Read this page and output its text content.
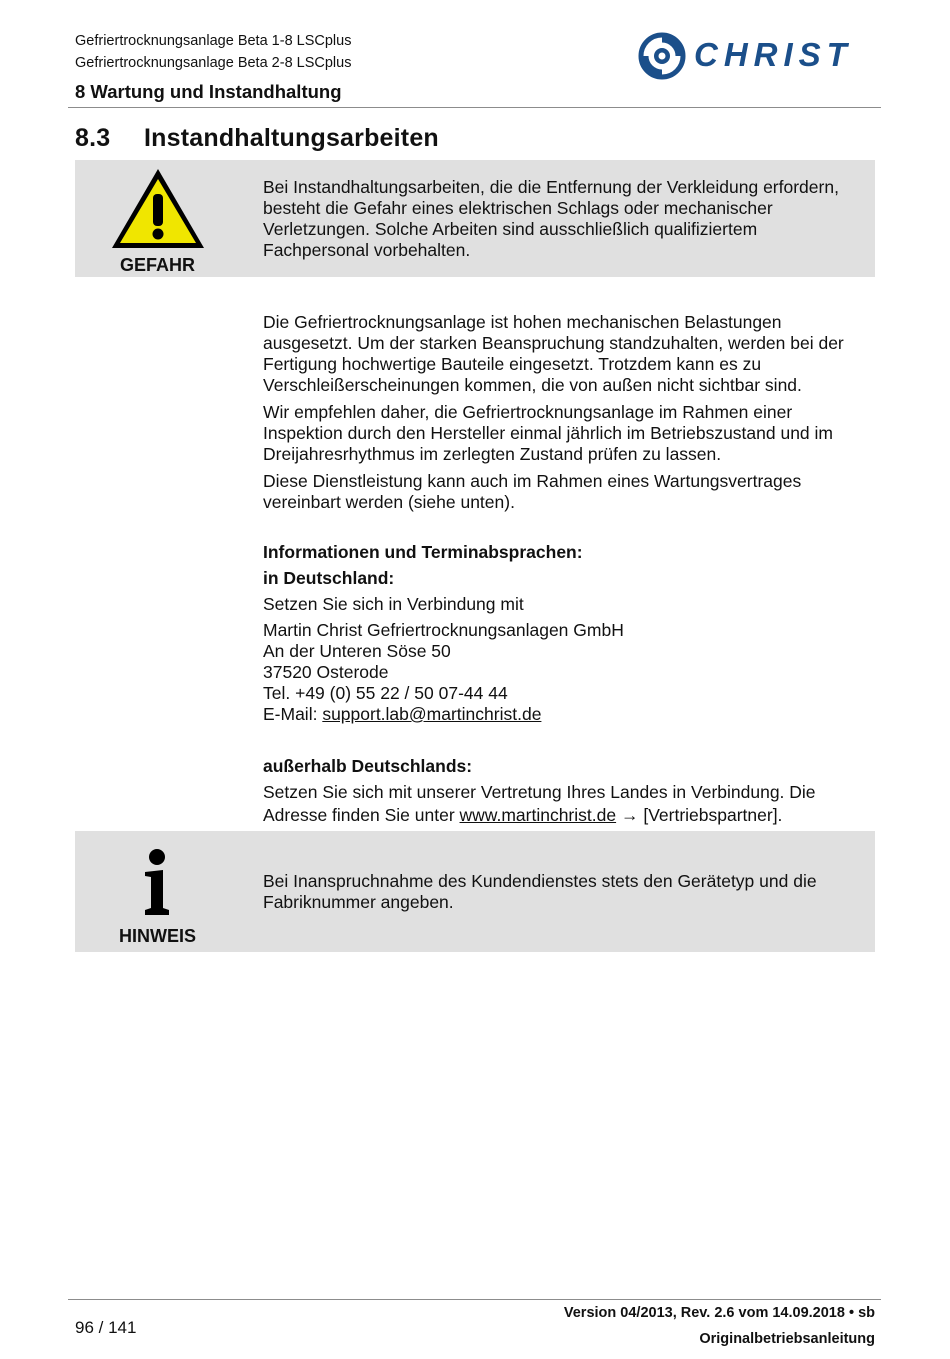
Gefriertrocknungsanlage Beta 1-8 LSCplus
Gefriertrocknungsanlage Beta 2-8 LSCplus
8 Wartung und Instandhaltung
CHRIST
8.3 Instandhaltungsarbeiten
GEFAHR
Bei Instandhaltungsarbeiten, die die Entfernung der Verkleidung erfordern,
besteht die Gefahr eines elektrischen Schlags oder mechanischer
Verletzungen. Solche Arbeiten sind ausschließlich qualifiziertem
Fachpersonal vorbehalten.

Die Gefriertrocknungsanlage ist hohen mechanischen Belastungen
ausgesetzt. Um der starken Beanspruchung standzuhalten, werden bei der
Fertigung hochwertige Bauteile eingesetzt. Trotzdem kann es zu
Verschleißerscheinungen kommen, die von außen nicht sichtbar sind.

Wir empfehlen daher, die Gefriertrocknungsanlage im Rahmen einer
Inspektion durch den Hersteller einmal jährlich im Betriebszustand und im
Dreijahresrhythmus im zerlegten Zustand prüfen zu lassen.

Diese Dienstleistung kann auch im Rahmen eines Wartungsvertrages
vereinbart werden (siehe unten).

Informationen und Terminabsprachen:
in Deutschland:
Setzen Sie sich in Verbindung mit
Martin Christ Gefriertrocknungsanlagen GmbH
An der Unteren Söse 50
37520 Osterode
Tel. +49 (0) 55 22 / 50 07-44 44
E-Mail: support.lab@martinchrist.de
außerhalb Deutschlands:
Setzen Sie sich mit unserer Vertretung Ihres Landes in Verbindung. Die
Adresse finden Sie unter www.martinchrist.de → [Vertriebspartner].
HINWEIS
Bei Inanspruchnahme des Kundendienstes stets den Gerätetyp und die
Fabriknummer angeben.
96 / 141
Version 04/2013, Rev. 2.6 vom 14.09.2018 • sb
Originalbetriebsanleitung
